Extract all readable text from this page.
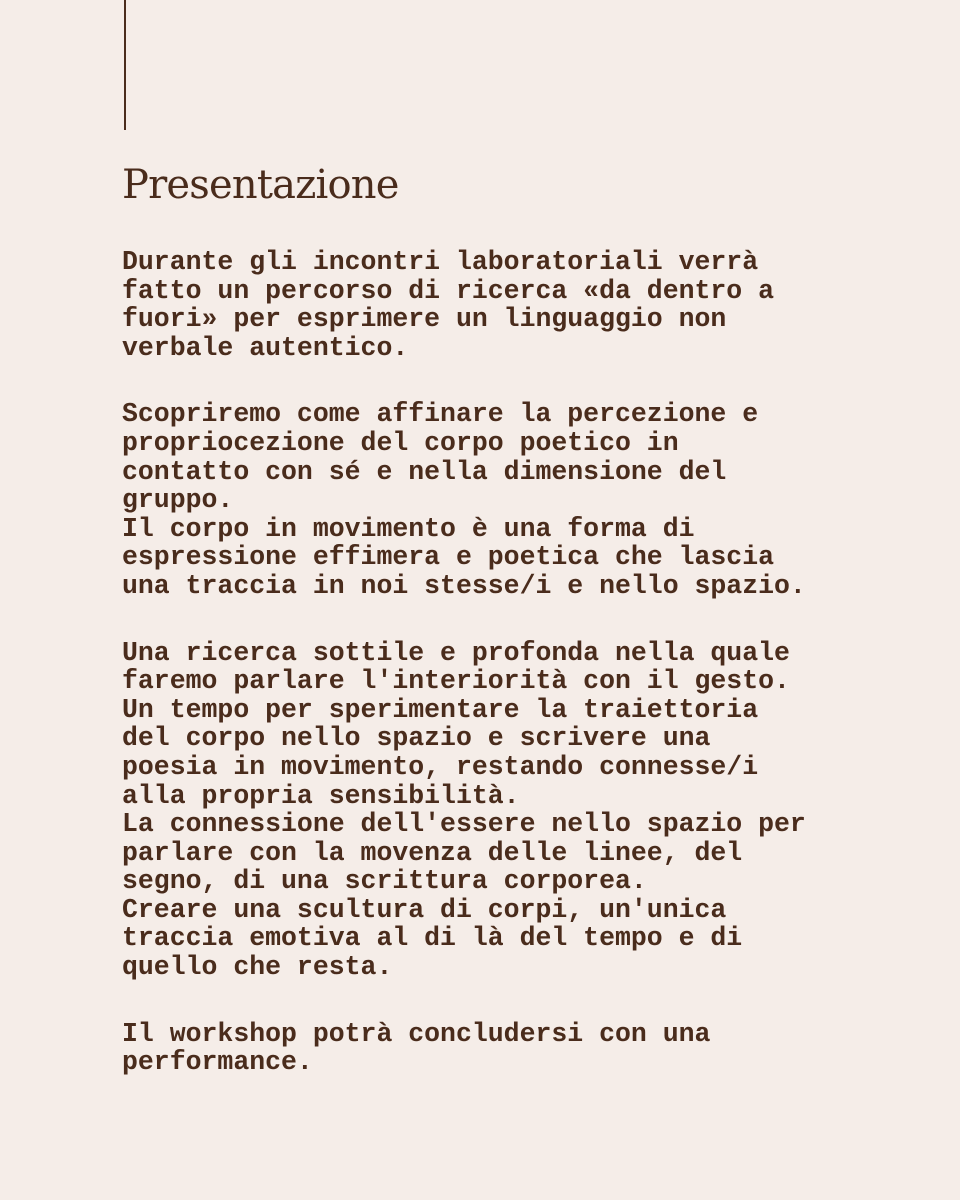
Presentazione

Durante gli incontri laboratoriali verrà
fatto un percorso di ricerca «da dentro a
fuori» per esprimere un linguaggio non
verbale autentico.

Scopriremo come affinare la percezione e
propriocezione del corpo poetico in
contatto con sé e nella dimensione del
gruppo.
Il corpo in movimento è una forma di
espressione effimera e poetica che lascia
una traccia in noi stesse/i e nello spazio.

Una ricerca sottile e profonda nella quale
faremo parlare l'interiorità con il gesto.
Un tempo per sperimentare la traiettoria
del corpo nello spazio e scrivere una
poesia in movimento, restando connesse/i
alla propria sensibilità.
La connessione dell'essere nello spazio per
parlare con la movenza delle linee, del
segno, di una scrittura corporea.
Creare una scultura di corpi, un'unica
traccia emotiva al di là del tempo e di
quello che resta.

Il workshop potrà concludersi con una
performance.
